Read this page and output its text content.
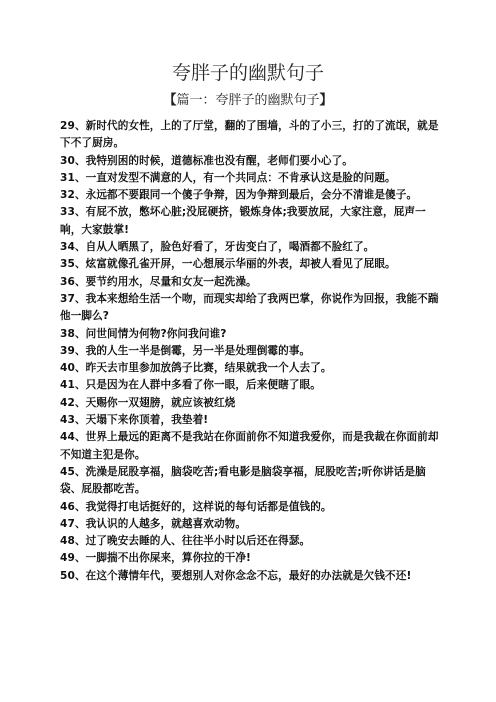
夸胖子的幽默句子
【篇一：夸胖子的幽默句子】
29、新时代的女性，上的了厅堂，翻的了围墙，斗的了小三，打的了流氓，就是下不了厨房。
30、我特别困的时候，道德标准也没有醒，老师们要小心了。
31、一直对发型不满意的人，有一个共同点：不肯承认这是脸的问题。
32、永远都不要跟同一个傻子争辩，因为争辩到最后，会分不清谁是傻子。
33、有屁不放，憋坏心脏;没屁硬挤，锻炼身体;我要放屁，大家注意，屁声一响，大家鼓掌!
34、自从人晒黑了，脸色好看了，牙齿变白了，喝酒都不脸红了。
35、炫富就像孔雀开屏，一心想展示华丽的外表，却被人看见了屁眼。
36、要节约用水，尽量和女友一起洗澡。
37、我本来想给生活一个吻，而现实却给了我两巴掌，你说作为回报，我能不踹他一脚么?
38、问世间情为何物?你问我问谁?
39、我的人生一半是倒霉，另一半是处理倒霉的事。
40、昨天去市里参加放鸽子比赛，结果就我一个人去了。
41、只是因为在人群中多看了你一眼，后来便瞎了眼。
42、天赐你一双翅膀，就应该被红烧
43、天塌下来你顶着，我垫着!
44、世界上最远的距离不是我站在你面前你不知道我爱你，而是我裁在你面前却不知道主犯是你。
45、洗澡是屁股享福，脑袋吃苦;看电影是脑袋享福，屁股吃苦;听你讲话是脑袋、屁股都吃苦。
46、我觉得打电话挺好的，这样说的每句话都是值钱的。
47、我认识的人越多，就越喜欢动物。
48、过了晚安去睡的人、往往半小时以后还在得瑟。
49、一脚揣不出你屎来，算你拉的干净!
50、在这个薄情年代，要想别人对你念念不忘，最好的办法就是欠钱不还!
